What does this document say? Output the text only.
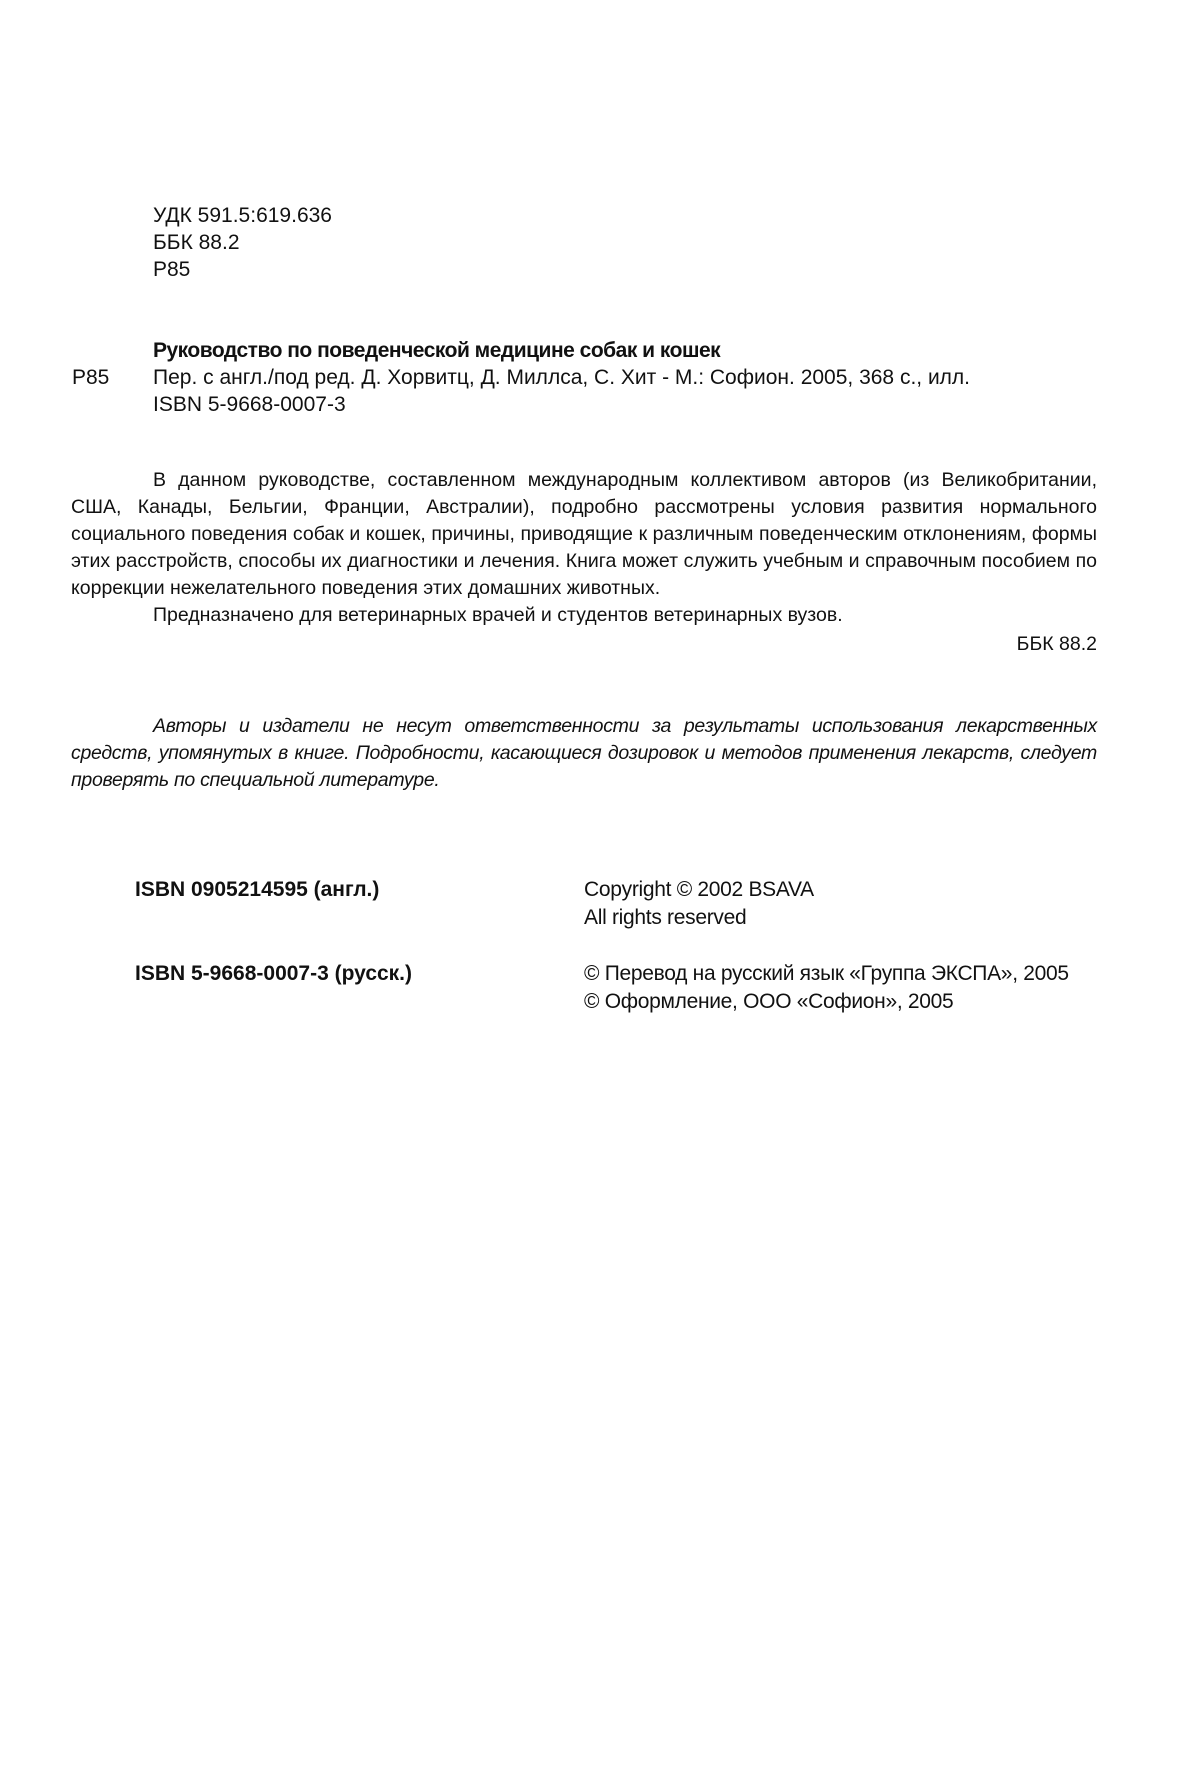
УДК 591.5:619.636
ББК 88.2
Р85
Р85
Руководство по поведенческой медицине собак и кошек
Пер. с англ./под ред. Д. Хорвитц, Д. Миллса, С. Хит - М.: Софион. 2005, 368 с., илл.
ISBN 5-9668-0007-3

В данном руководстве, составленном международным коллективом авторов (из Великобритании, США, Канады, Бельгии, Франции, Австралии), подробно рассмотрены условия развития нормального социального поведения собак и кошек, причины, приводящие к различным поведенческим отклонениям, формы этих расстройств, способы их диагностики и лечения. Книга может служить учебным и справочным пособием по коррекции нежелательного поведения этих домашних животных.

Предназначено для ветеринарных врачей и студентов ветеринарных вузов.

ББК 88.2

Авторы и издатели не несут ответственности за результаты использования лекарственных средств, упомянутых в книге. Подробности, касающиеся дозировок и методов применения лекарств, следует проверять по специальной литературе.
ISBN 0905214595 (англ.)	Copyright © 2002 BSAVA
All rights reserved
ISBN 5-9668-0007-3 (русск.)	© Перевод на русский язык «Группа ЭКСПА», 2005
© Оформление, ООО «Софион», 2005
